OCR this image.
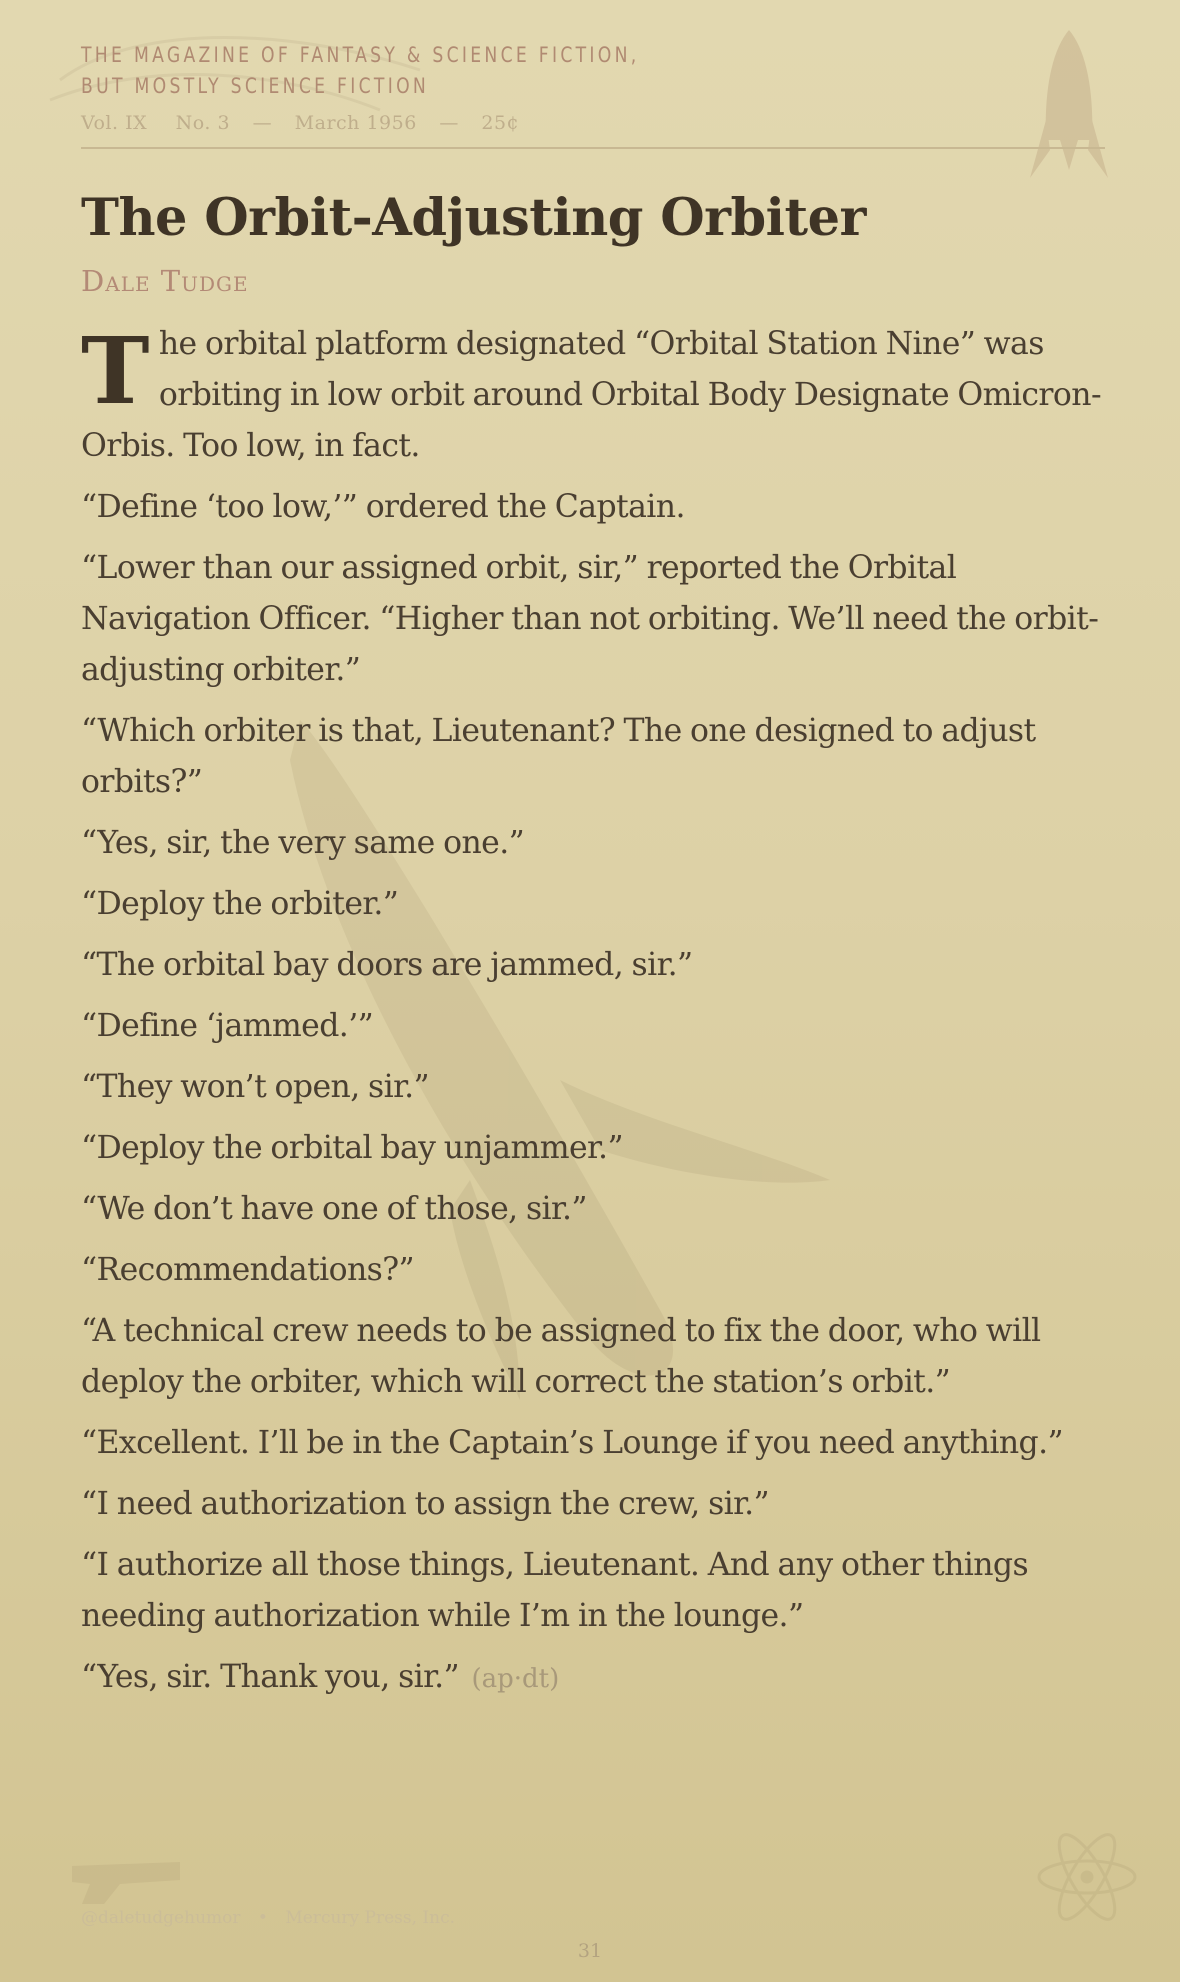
THE MAGAZINE OF FANTASY & SCIENCE FICTION,
BUT MOSTLY SCIENCE FICTION
Vol. IX No. 3 — March 1956 — 25¢
The Orbit-Adjusting Orbiter
Dale Tudge

The orbital platform designated “Orbital Station Nine” was orbiting in low orbit around Orbital Body Designate Omicron-Orbis. Too low, in fact.

“Define ‘too low,’” ordered the Captain.

“Lower than our assigned orbit, sir,” reported the Orbital Navigation Officer. “Higher than not orbiting. We’ll need the orbit-adjusting orbiter.”

“Which orbiter is that, Lieutenant? The one designed to adjust orbits?”

“Yes, sir, the very same one.”

“Deploy the orbiter.”

“The orbital bay doors are jammed, sir.”

“Define ‘jammed.’”

“They won’t open, sir.”

“Deploy the orbital bay unjammer.”

“We don’t have one of those, sir.”

“Recommendations?”

“A technical crew needs to be assigned to fix the door, who will deploy the orbiter, which will correct the station’s orbit.”

“Excellent. I’ll be in the Captain’s Lounge if you need anything.”

“I need authorization to assign the crew, sir.”

“I authorize all those things, Lieutenant. And any other things needing authorization while I’m in the lounge.”

“Yes, sir. Thank you, sir.” (ap·dt)

@daletudgehumor • Mercury Press, Inc.
31
